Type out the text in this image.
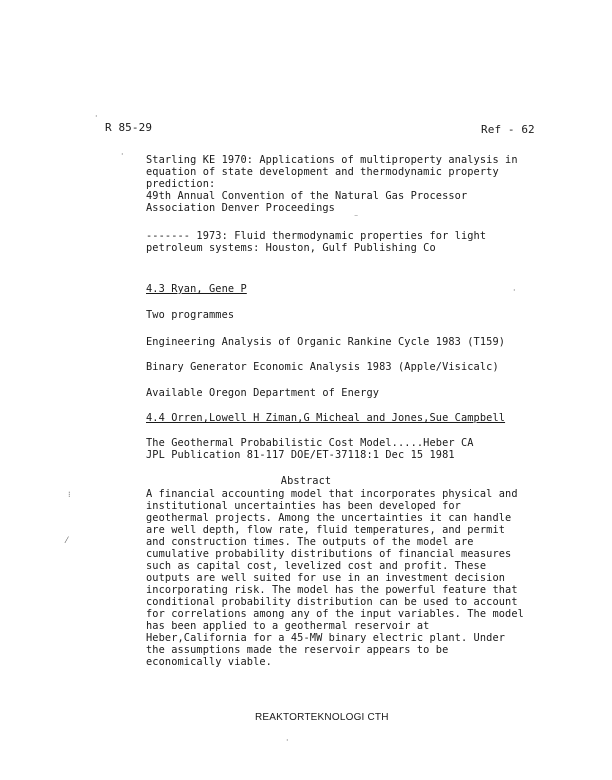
R 85-29	Ref - 62
Starling KE 1970: Applications of multiproperty analysis in
equation of state development and thermodynamic property
prediction:
49th Annual Convention of the Natural Gas Processor
Association Denver Proceedings
------- 1973: Fluid thermodynamic properties for light
petroleum systems: Houston, Gulf Publishing Co
4.3 Ryan, Gene P
Two programmes
Engineering Analysis of Organic Rankine Cycle 1983 (T159)
Binary Generator Economic Analysis 1983 (Apple/Visicalc)
Available Oregon Department of Energy
4.4 Orren,Lowell H Ziman,G Micheal and Jones,Sue Campbell
The Geothermal Probabilistic Cost Model.....Heber CA
JPL Publication 81-117 DOE/ET-37118:1 Dec 15 1981
Abstract
A financial accounting model that incorporates physical and
institutional uncertainties has been developed for
geothermal projects. Among the uncertainties it can handle
are well depth, flow rate, fluid temperatures, and permit
and construction times. The outputs of the model are
cumulative probability distributions of financial measures
such as capital cost, levelized cost and profit. These
outputs are well suited for use in an investment decision
incorporating risk. The model has the powerful feature that
conditional probability distribution can be used to account
for correlations among any of the input variables. The model
has been applied to a geothermal reservoir at
Heber,California for a 45-MW binary electric plant. Under
the assumptions made the reservoir appears to be
economically viable.
REAKTORTEKNOLOGI CTH
·
·
·
⁝
⁄
⁻
·
